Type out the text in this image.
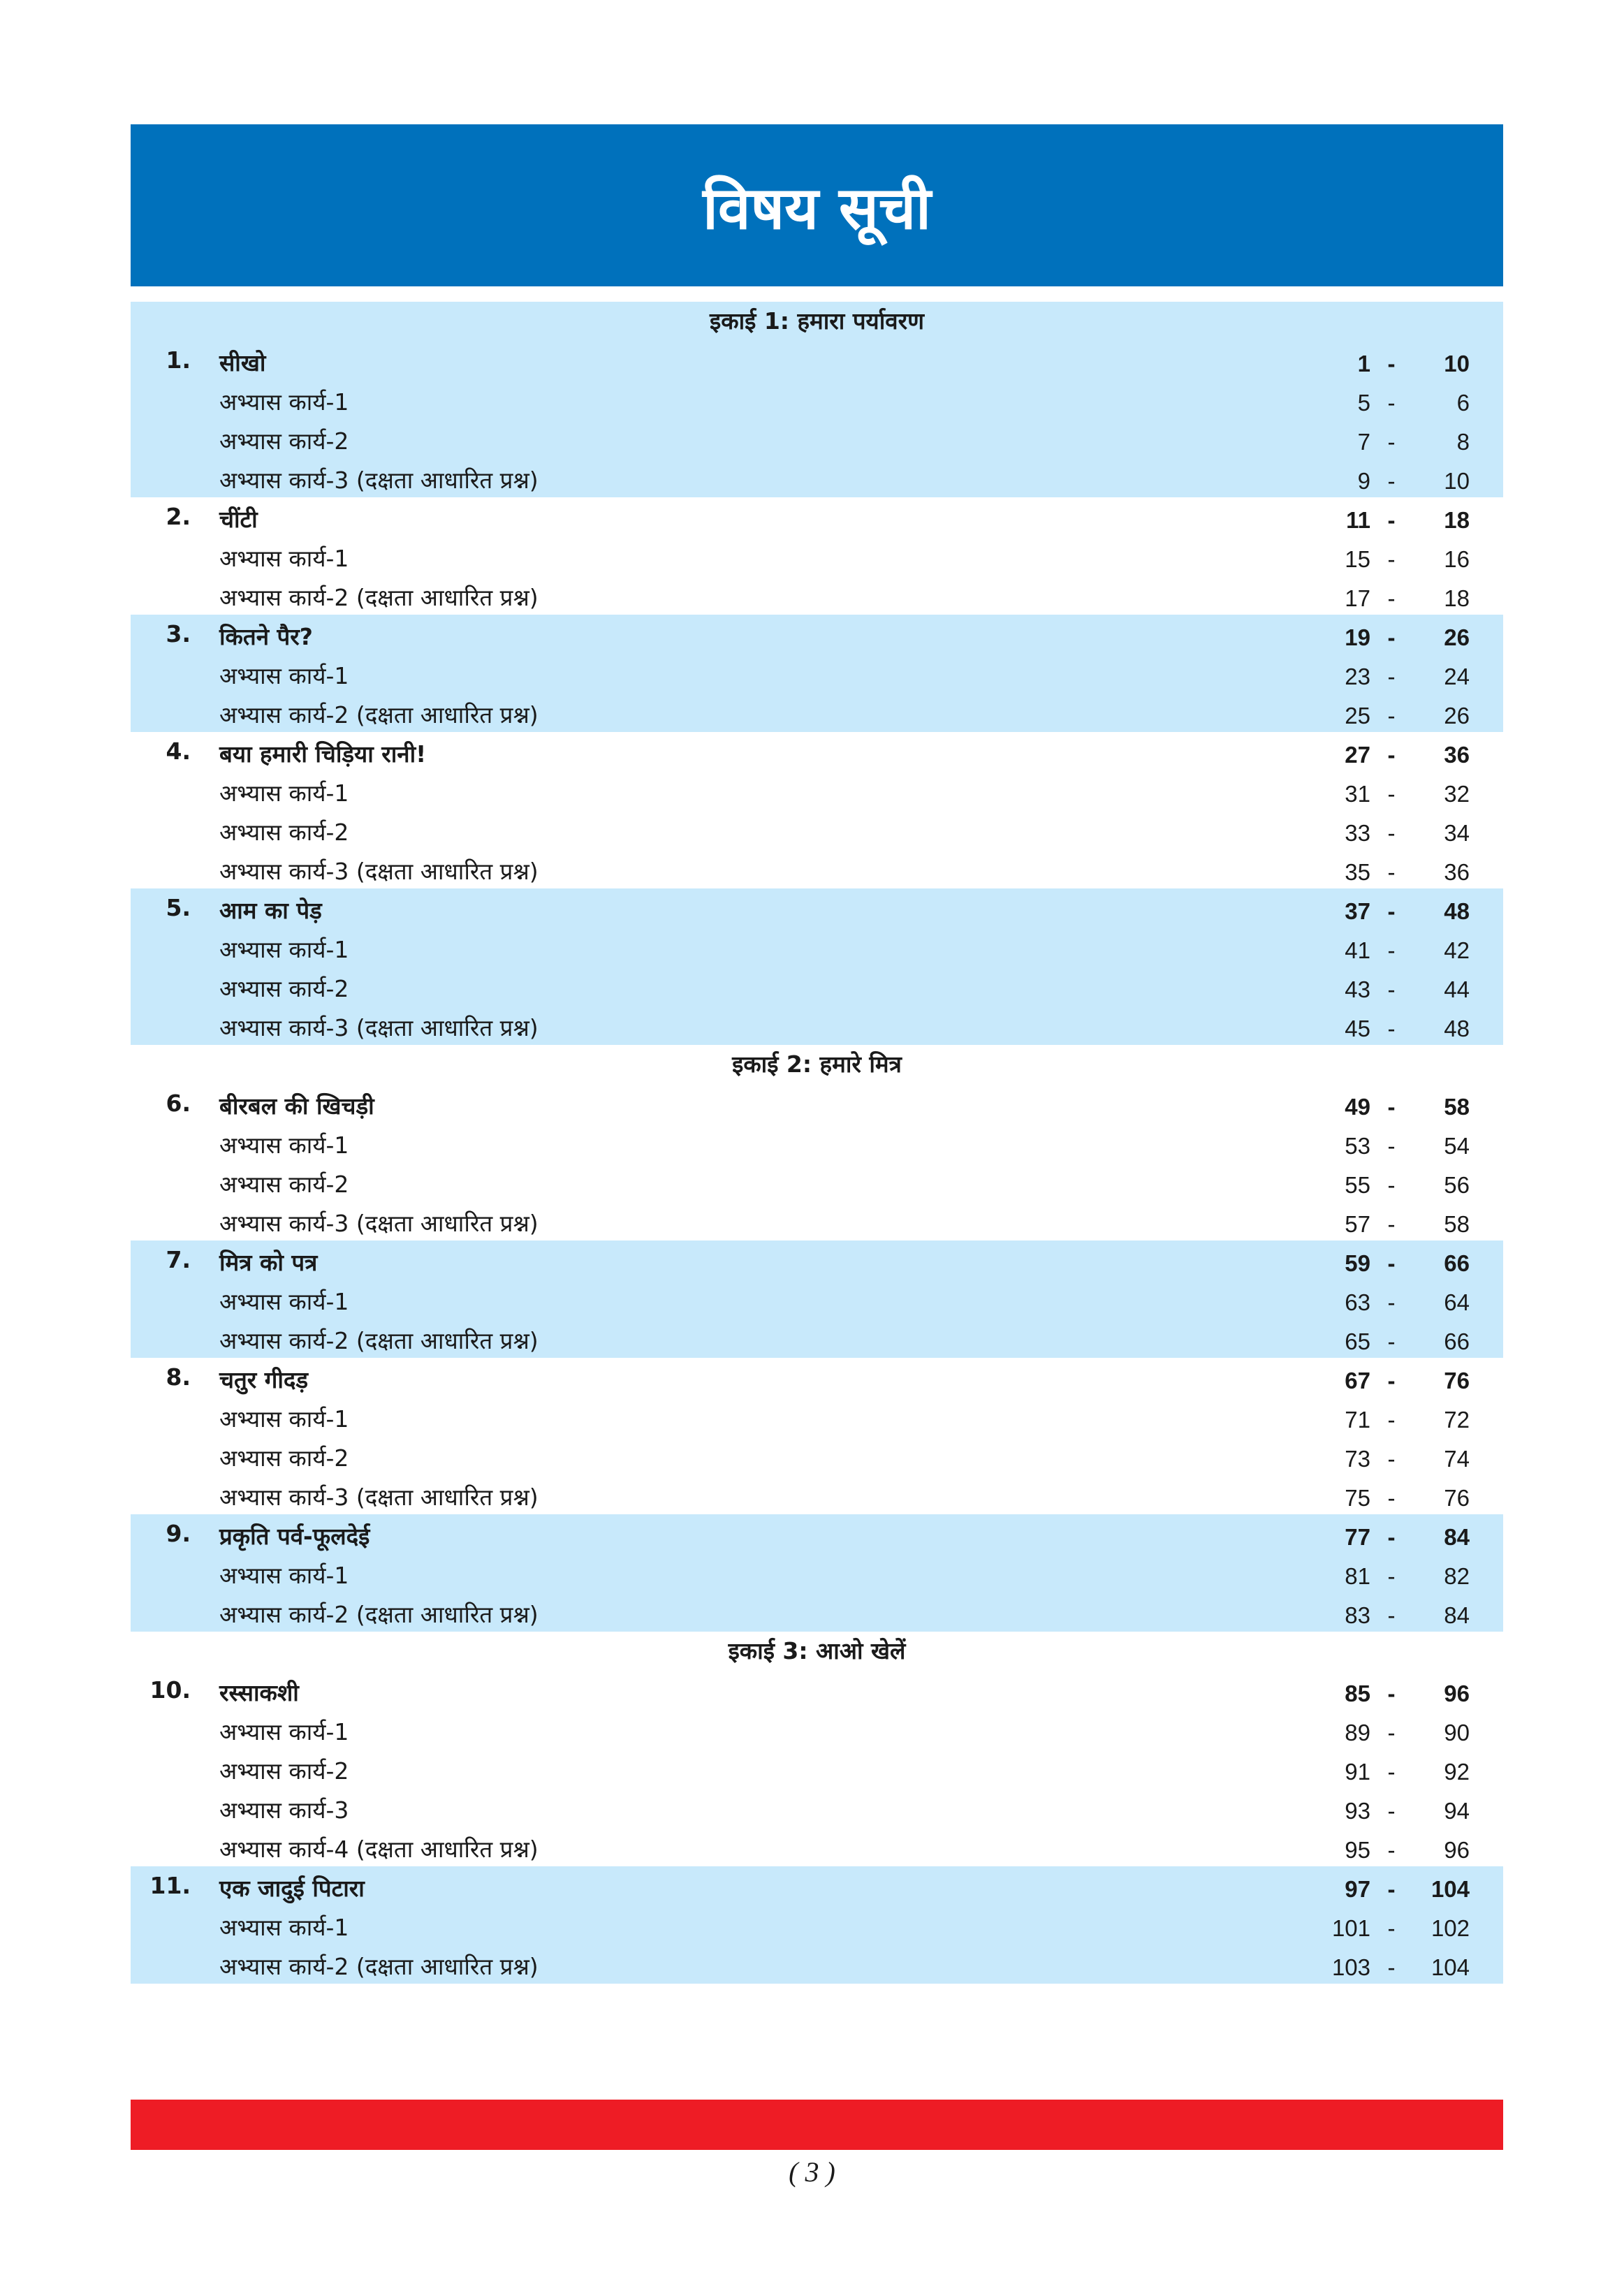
विषय सूची
इकाई 1: हमारा पर्यावरण
1. सीखो	1 -	10
अभ्यास कार्य-1	5 -	6
अभ्यास कार्य-2	7 -	8
अभ्यास कार्य-3 (दक्षता आधारित प्रश्न)	9 -	10
2. चींटी	11 -	18
अभ्यास कार्य-1	15 -	16
अभ्यास कार्य-2 (दक्षता आधारित प्रश्न)	17 -	18
3. कितने पैर?	19 -	26
अभ्यास कार्य-1	23 -	24
अभ्यास कार्य-2 (दक्षता आधारित प्रश्न)	25 -	26
4. बया हमारी चिड़िया रानी!	27 -	36
अभ्यास कार्य-1	31 -	32
अभ्यास कार्य-2	33 -	34
अभ्यास कार्य-3 (दक्षता आधारित प्रश्न)	35 -	36
5. आम का पेड़	37 -	48
अभ्यास कार्य-1	41 -	42
अभ्यास कार्य-2	43 -	44
अभ्यास कार्य-3 (दक्षता आधारित प्रश्न)	45 -	48
इकाई 2: हमारे मित्र
6. बीरबल की खिचड़ी	49 -	58
अभ्यास कार्य-1	53 -	54
अभ्यास कार्य-2	55 -	56
अभ्यास कार्य-3 (दक्षता आधारित प्रश्न)	57 -	58
7. मित्र को पत्र	59 -	66
अभ्यास कार्य-1	63 -	64
अभ्यास कार्य-2 (दक्षता आधारित प्रश्न)	65 -	66
8. चतुर गीदड़	67 -	76
अभ्यास कार्य-1	71 -	72
अभ्यास कार्य-2	73 -	74
अभ्यास कार्य-3 (दक्षता आधारित प्रश्न)	75 -	76
9. प्रकृति पर्व-फूलदेई	77 -	84
अभ्यास कार्य-1	81 -	82
अभ्यास कार्य-2 (दक्षता आधारित प्रश्न)	83 -	84
इकाई 3: आओ खेलें
10. रस्साकशी	85 -	96
अभ्यास कार्य-1	89 -	90
अभ्यास कार्य-2	91 -	92
अभ्यास कार्य-3	93 -	94
अभ्यास कार्य-4 (दक्षता आधारित प्रश्न)	95 -	96
11. एक जादुई पिटारा	97 -	104
अभ्यास कार्य-1	101 -	102
अभ्यास कार्य-2 (दक्षता आधारित प्रश्न)	103 -	104
( 3 )
